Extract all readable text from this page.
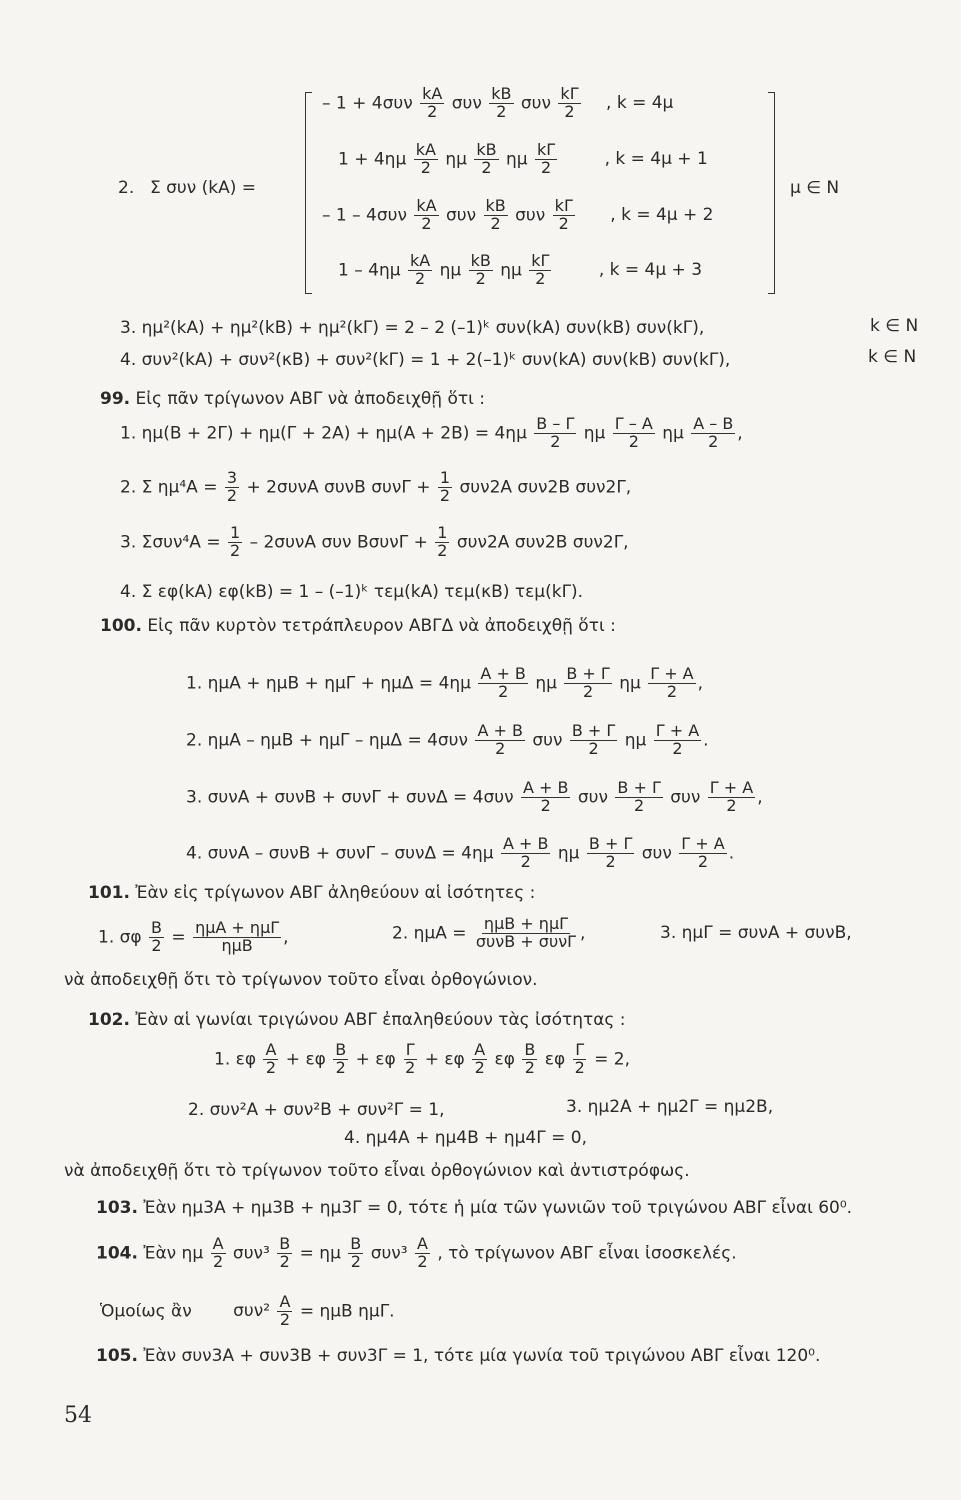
2. Σ συν (kA) =	μ ∈ N
– $1 + 4\sigma\upsilon\nu \frac{kA}{2}$ συν $\frac{kB}{2}$ συν $\frac{k\Gamma}{2}$ , k = 4μ
$1 + 4\eta\mu \frac{kA}{2}$ ημ $\frac{kB}{2}$ ημ $\frac{k\Gamma}{2}$	, k = 4μ + 1
– $1 - 4\sigma\upsilon\nu \frac{kA}{2}$ συν $\frac{kB}{2}$ συν $\frac{k\Gamma}{2}$ , k = 4μ + 2
$1 - 4\eta\mu \frac{kA}{2}$ ημ $\frac{kB}{2}$ ημ $\frac{k\Gamma}{2}$	, k = 4μ + 3
3. ημ²(kA) + ημ²(kB) + ημ²(kΓ) = 2 – 2 (–1)ᵏ συν(kA) συν(kB) συν(kΓ),	k ∈ N
4. συν²(kA) + συν²(κB) + συν²(kΓ) = 1 + 2(–1)ᵏ συν(kA) συν(kB) συν(kΓ),	k ∈ N
99. Εἰς πᾶν τρίγωνον ΑΒΓ νὰ ἀποδειχθῇ ὅτι :
1. $\eta\mu(B + 2\Gamma) + \eta\mu(\Gamma + 2A) + \eta\mu(A + 2B) = 4\eta\mu \frac{B - \Gamma}{2}$ ημ $\frac{\Gamma - A}{2}$ ημ $\frac{A - B}{2}$ ,
2. Σ $\eta\mu^4A = \frac{3}{2} + 2\sigma\upsilon\nu A$ συνB $\sigma\upsilon\nu\Gamma + \frac{1}{2} \sigma\upsilon\nu 2A$ συν2B συν2Γ,
3. $\Sigma\sigma\upsilon\nu^4A = \frac{1}{2} - 2\sigma\upsilon\nu A$ συν $B\sigma\upsilon\nu\Gamma + \frac{1}{2} \sigma\upsilon\nu 2A$ συν2B συν2Γ,
4. Σ εφ(kA) εφ(kB) = 1 – (–1)ᵏ τεμ(kA) τεμ(κB) τεμ(kΓ).
100. Εἰς πᾶν κυρτὸν τετράπλευρον ΑΒΓΔ νὰ ἀποδειχθῇ ὅτι :
1. $\eta\mu A + \eta\mu B + \eta\mu\Gamma + \eta\mu\Delta = 4\eta\mu \frac{A + B}{2}$ ημ $\frac{B + \Gamma}{2}$ ημ $\frac{\Gamma + A}{2}$ ,
2. $\eta\mu A - \eta\mu B + \eta\mu\Gamma - \eta\mu\Delta = 4\sigma\upsilon\nu \frac{A + B}{2}$ συν $\frac{B + \Gamma}{2}$ ημ $\frac{\Gamma + A}{2}$ .
3. $\sigma\upsilon\nu A + \sigma\upsilon\nu B + \sigma\upsilon\nu\Gamma + \sigma\upsilon\nu\Delta = 4\sigma\upsilon\nu \frac{A + B}{2}$ συν $\frac{B + \Gamma}{2}$ συν $\frac{\Gamma + A}{2}$ ,
4. $\sigma\upsilon\nu A - \sigma\upsilon\nu B + \sigma\upsilon\nu\Gamma - \sigma\upsilon\nu\Delta = 4\eta\mu \frac{A + B}{2}$ ημ $\frac{B + \Gamma}{2}$ συν $\frac{\Gamma + A}{2}$ .
101. Ἐὰν εἰς τρίγωνον ΑΒΓ ἀληθεύουν αἱ ἰσότητες :
1. σφ $\frac{B}{2} = \frac{\text{ημA + ημΓ}}{\text{ημB}}$ ,	2. $\eta\mu A = \frac{\text{ημB + ημΓ}}{\text{συνB + συνΓ}}$ ,	3. ημΓ = συνA + συνB,
νὰ ἀποδειχθῇ ὅτι τὸ τρίγωνον τοῦτο εἶναι ὀρθογώνιον.
102. Ἐὰν αἱ γωνίαι τριγώνου ΑΒΓ ἐπαληθεύουν τὰς ἰσότητας :
1. εφ $\frac{A}{2} + \varepsilon\varphi \frac{B}{2} + \varepsilon\varphi \frac{\Gamma}{2} + \varepsilon\varphi \frac{A}{2}$ εφ $\frac{B}{2}$ εφ $\frac{\Gamma}{2} = 2$,
2. συν²A + συν²B + συν²Γ = 1,	3. ημ2A + ημ2Γ = ημ2B,
4. ημ4A + ημ4B + ημ4Γ = 0,
νὰ ἀποδειχθῇ ὅτι τὸ τρίγωνον τοῦτο εἶναι ὀρθογώνιον καὶ ἀντιστρόφως.
103. Ἐὰν ημ3A + ημ3B + ημ3Γ = 0, τότε ἡ μία τῶν γωνιῶν τοῦ τριγώνου ΑΒΓ εἶναι 60⁰.
104. Ἐὰν ημ $\frac{A}{2} \sigma\upsilon\nu^3 \frac{B}{2} = \eta\mu \frac{B}{2} \sigma\upsilon\nu^3 \frac{A}{2}$ , τὸ τρίγωνον ΑΒΓ εἶναι ἰσοσκελές.
Ὁμοίως ἂν $\sigma\upsilon\nu^2 \frac{A}{2} = \eta\mu B$ ημΓ.
105. Ἐὰν συν3A + συν3B + συν3Γ = 1, τότε μία γωνία τοῦ τριγώνου ΑΒΓ εἶναι 120⁰.
54
